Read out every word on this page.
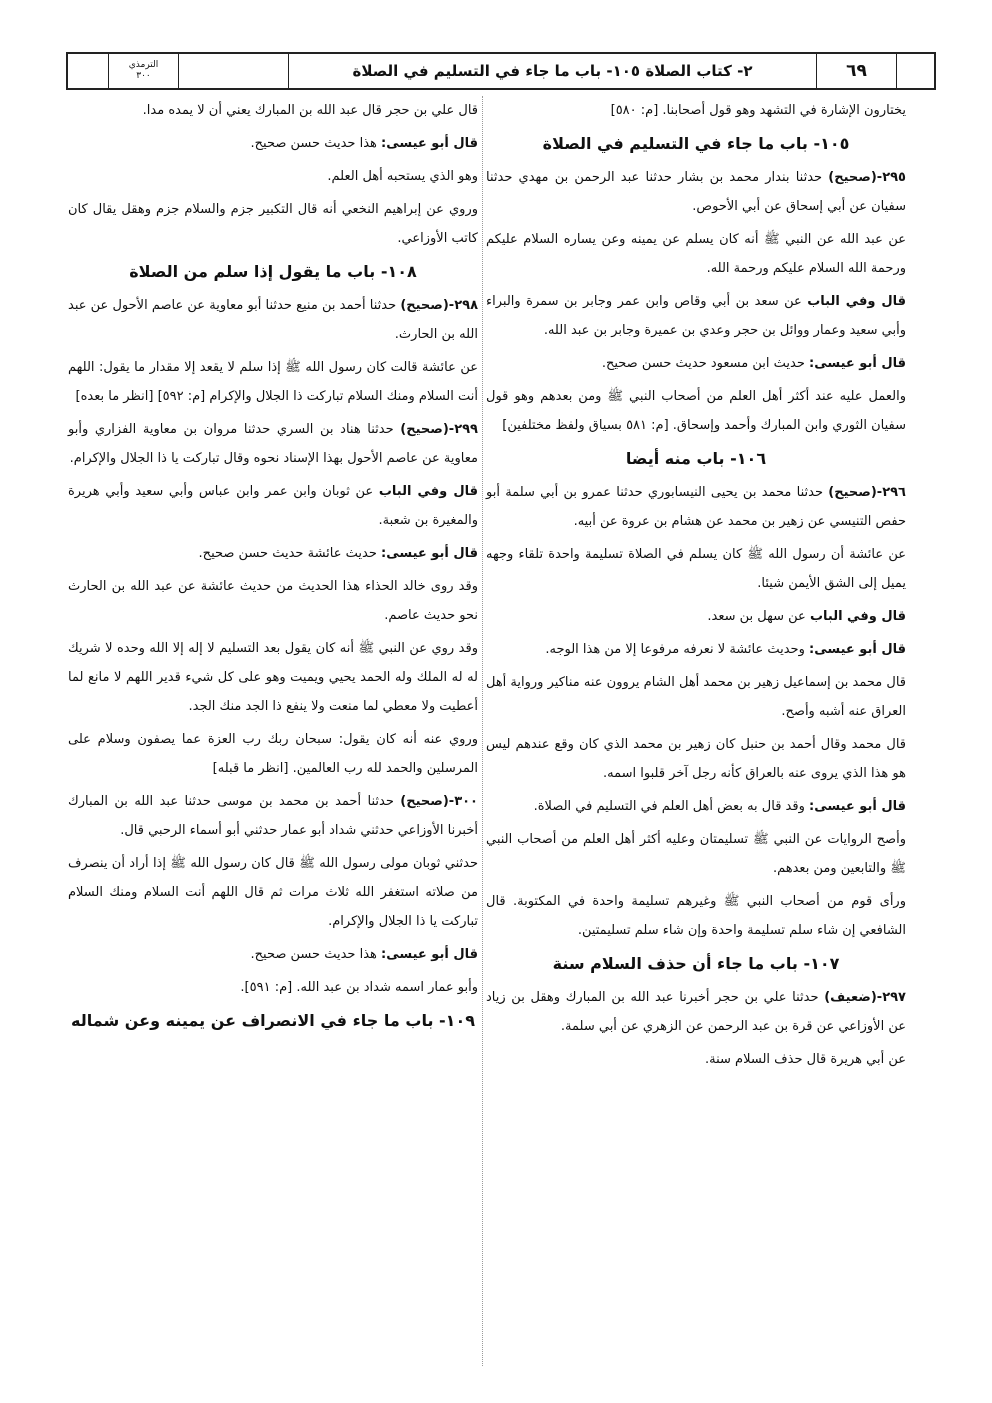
الترمذي
٣٠٠	٢- كتاب الصلاة ١٠٥- باب ما جاء في التسليم في الصلاة	٦٩

يختارون الإشارة في التشهد وهو قول أصحابنا. [م: ٥٨٠]

١٠٥- باب ما جاء في التسليم في الصلاة

٢٩٥-(صحيح) حدثنا بندار محمد بن بشار حدثنا عبد الرحمن بن مهدي حدثنا سفيان عن أبي إسحاق عن أبي الأحوص.

عن عبد الله عن النبي ﷺ أنه كان يسلم عن يمينه وعن يساره السلام عليكم ورحمة الله السلام عليكم ورحمة الله.

قال وفي الباب عن سعد بن أبي وقاص وابن عمر وجابر بن سمرة والبراء وأبي سعيد وعمار ووائل بن حجر وعدي بن عميرة وجابر بن عبد الله.

قال أبو عيسى: حديث ابن مسعود حديث حسن صحيح.

والعمل عليه عند أكثر أهل العلم من أصحاب النبي ﷺ ومن بعدهم وهو قول سفيان الثوري وابن المبارك وأحمد وإسحاق. [م: ٥٨١ بسياق ولفظ مختلفين]

١٠٦- باب منه أيضا

٢٩٦-(صحيح) حدثنا محمد بن يحيى النيسابوري حدثنا عمرو بن أبي سلمة أبو حفص التنيسي عن زهير بن محمد عن هشام بن عروة عن أبيه.

عن عائشة أن رسول الله ﷺ كان يسلم في الصلاة تسليمة واحدة تلقاء وجهه يميل إلى الشق الأيمن شيئا.

قال وفي الباب عن سهل بن سعد.

قال أبو عيسى: وحديث عائشة لا نعرفه مرفوعا إلا من هذا الوجه.

قال محمد بن إسماعيل زهير بن محمد أهل الشام يروون عنه مناكير ورواية أهل العراق عنه أشبه وأصح.

قال محمد وقال أحمد بن حنبل كان زهير بن محمد الذي كان وقع عندهم ليس هو هذا الذي يروى عنه بالعراق كأنه رجل آخر قلبوا اسمه.

قال أبو عيسى: وقد قال به بعض أهل العلم في التسليم في الصلاة.

وأصح الروايات عن النبي ﷺ تسليمتان وعليه أكثر أهل العلم من أصحاب النبي ﷺ والتابعين ومن بعدهم.

ورأى قوم من أصحاب النبي ﷺ وغيرهم تسليمة واحدة في المكتوبة. قال الشافعي إن شاء سلم تسليمة واحدة وإن شاء سلم تسليمتين.

١٠٧- باب ما جاء أن حذف السلام سنة

٢٩٧-(ضعيف) حدثنا علي بن حجر أخبرنا عبد الله بن المبارك وهقل بن زياد عن الأوزاعي عن قرة بن عبد الرحمن عن الزهري عن أبي سلمة.

عن أبي هريرة قال حذف السلام سنة.

قال علي بن حجر قال عبد الله بن المبارك يعني أن لا يمده مدا.

قال أبو عيسى: هذا حديث حسن صحيح.

وهو الذي يستحبه أهل العلم.

وروي عن إبراهيم النخعي أنه قال التكبير جزم والسلام جزم وهقل يقال كان كاتب الأوزاعي.

١٠٨- باب ما يقول إذا سلم من الصلاة

٢٩٨-(صحيح) حدثنا أحمد بن منيع حدثنا أبو معاوية عن عاصم الأحول عن عبد الله بن الحارث.

عن عائشة قالت كان رسول الله ﷺ إذا سلم لا يقعد إلا مقدار ما يقول: اللهم أنت السلام ومنك السلام تباركت ذا الجلال والإكرام [م: ٥٩٢] [انظر ما بعده]

٢٩٩-(صحيح) حدثنا هناد بن السري حدثنا مروان بن معاوية الفزاري وأبو معاوية عن عاصم الأحول بهذا الإسناد نحوه وقال تباركت يا ذا الجلال والإكرام.

قال وفي الباب عن ثوبان وابن عمر وابن عباس وأبي سعيد وأبي هريرة والمغيرة بن شعبة.

قال أبو عيسى: حديث عائشة حديث حسن صحيح.

وقد روى خالد الحذاء هذا الحديث من حديث عائشة عن عبد الله بن الحارث نحو حديث عاصم.

وقد روي عن النبي ﷺ أنه كان يقول بعد التسليم لا إله إلا الله وحده لا شريك له له الملك وله الحمد يحيي ويميت وهو على كل شيء قدير اللهم لا مانع لما أعطيت ولا معطي لما منعت ولا ينفع ذا الجد منك الجد.

وروي عنه أنه كان يقول: سبحان ربك رب العزة عما يصفون وسلام على المرسلين والحمد لله رب العالمين. [انظر ما قبله]

٣٠٠-(صحيح) حدثنا أحمد بن محمد بن موسى حدثنا عبد الله بن المبارك أخبرنا الأوزاعي حدثني شداد أبو عمار حدثني أبو أسماء الرحبي قال.

حدثني ثوبان مولى رسول الله ﷺ قال كان رسول الله ﷺ إذا أراد أن ينصرف من صلاته استغفر الله ثلاث مرات ثم قال اللهم أنت السلام ومنك السلام تباركت يا ذا الجلال والإكرام.

قال أبو عيسى: هذا حديث حسن صحيح.

وأبو عمار اسمه شداد بن عبد الله. [م: ٥٩١].

١٠٩- باب ما جاء في الانصراف عن يمينه وعن شماله
